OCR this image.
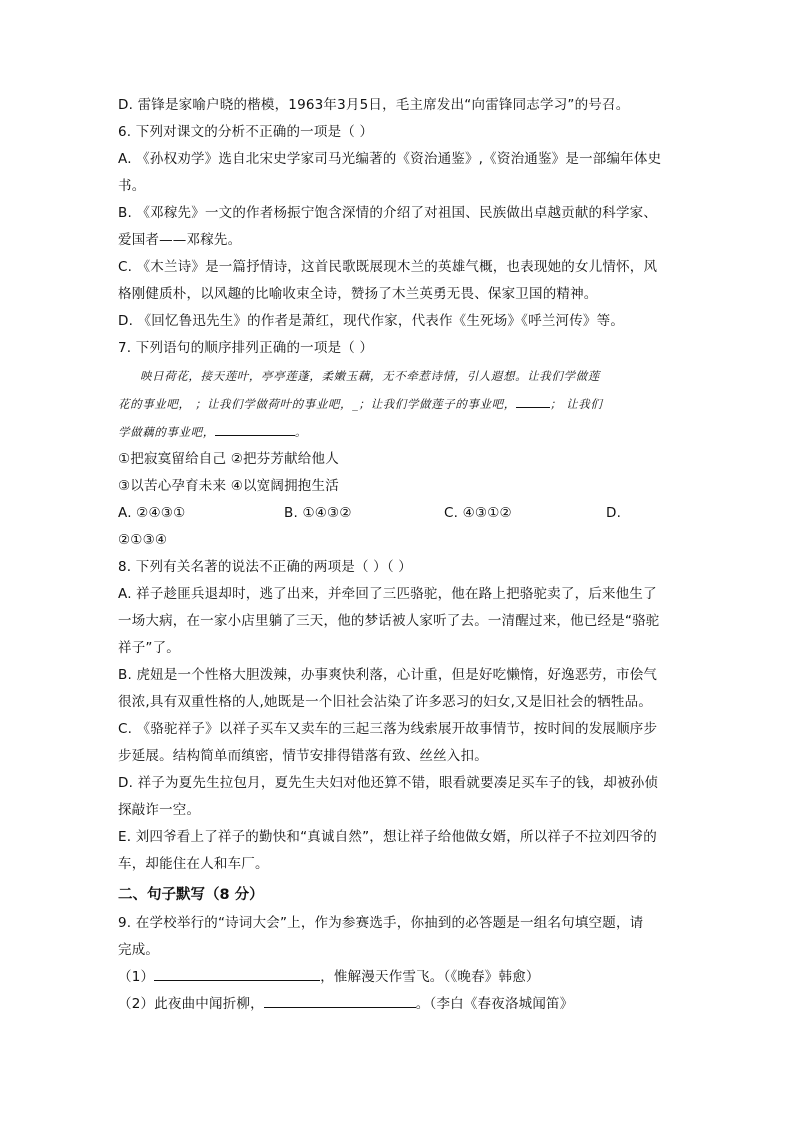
D. 雷锋是家喻户晓的楷模，1963年3月5日，毛主席发出“向雷锋同志学习”的号召。
6. 下列对课文的分析不正确的一项是（ ）
A. 《孙权劝学》选自北宋史学家司马光编著的《资治通鉴》,《资治通鉴》是一部编年体史
书。
B. 《邓稼先》一文的作者杨振宁饱含深情的介绍了对祖国、民族做出卓越贡献的科学家、
爱国者——邓稼先。
C. 《木兰诗》是一篇抒情诗，这首民歌既展现木兰的英雄气概，也表现她的女儿情怀，风
格刚健质朴，以风趣的比喻收束全诗，赞扬了木兰英勇无畏、保家卫国的精神。
D. 《回忆鲁迅先生》的作者是萧红，现代作家，代表作《生死场》《呼兰河传》等。
7. 下列语句的顺序排列正确的一项是（ ）
映日荷花，接天莲叶，亭亭莲蓬，柔嫩玉藕，无不牵惹诗情，引人遐想。让我们学做莲
花的事业吧， ；让我们学做荷叶的事业吧，_；让我们学做莲子的事业吧，	； 让我们
学做藕的事业吧，	。
①把寂寞留给自己 ②把芬芳献给他人
③以苦心孕育未来 ④以宽阔拥抱生活
A. ②④③①	B. ①④③②	C. ④③①②	D.
②①③④
8. 下列有关名著的说法不正确的两项是（ ）（ ）
A. 祥子趁匪兵退却时，逃了出来，并牵回了三匹骆驼，他在路上把骆驼卖了，后来他生了
一场大病，在一家小店里躺了三天，他的梦话被人家听了去。一清醒过来，他已经是“骆驼
祥子”了。
B. 虎妞是一个性格大胆泼辣，办事爽快利落，心计重，但是好吃懒惰，好逸恶劳，市侩气
很浓,具有双重性格的人,她既是一个旧社会沾染了许多恶习的妇女,又是旧社会的牺牲品。
C. 《骆驼祥子》以祥子买车又卖车的三起三落为线索展开故事情节，按时间的发展顺序步
步延展。结构简单而缜密，情节安排得错落有致、丝丝入扣。
D. 祥子为夏先生拉包月，夏先生夫妇对他还算不错，眼看就要凑足买车子的钱，却被孙侦
探敲诈一空。
E. 刘四爷看上了祥子的勤快和“真诚自然”，想让祥子给他做女婿，所以祥子不拉刘四爷的
车，却能住在人和车厂。
二、句子默写（8 分）
9. 在学校举行的“诗词大会”上，作为参赛选手，你抽到的必答题是一组名句填空题，请
完成。
（1）	，惟解漫天作雪飞。（《晚春》韩愈）
（2）此夜曲中闻折柳，	。（李白《春夜洛城闻笛》
